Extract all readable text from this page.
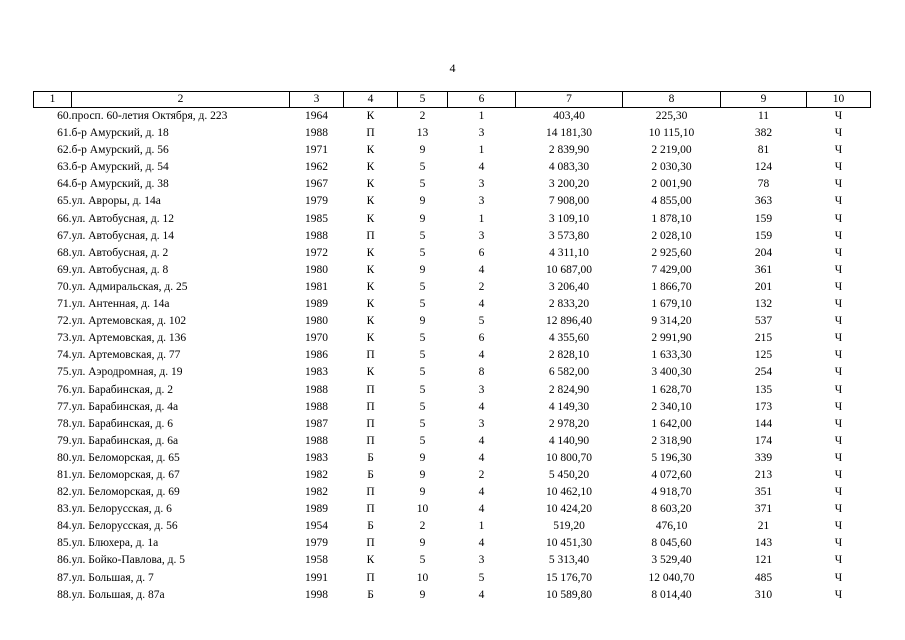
4
1	2	3	4	5	6	7	8	9	10
60.	просп. 60-летия Октября, д. 223	1964	К	2	1	403,40	225,30	11	Ч
61.	б-р Амурский, д. 18	1988	П	13	3	14 181,30	10 115,10	382	Ч
62.	б-р Амурский, д. 56	1971	К	9	1	2 839,90	2 219,00	81	Ч
63.	б-р Амурский, д. 54	1962	К	5	4	4 083,30	2 030,30	124	Ч
64.	б-р Амурский, д. 38	1967	К	5	3	3 200,20	2 001,90	78	Ч
65.	ул. Авроры, д. 14а	1979	К	9	3	7 908,00	4 855,00	363	Ч
66.	ул. Автобусная, д. 12	1985	К	9	1	3 109,10	1 878,10	159	Ч
67.	ул. Автобусная, д. 14	1988	П	5	3	3 573,80	2 028,10	159	Ч
68.	ул. Автобусная, д. 2	1972	К	5	6	4 311,10	2 925,60	204	Ч
69.	ул. Автобусная, д. 8	1980	К	9	4	10 687,00	7 429,00	361	Ч
70.	ул. Адмиральская, д. 25	1981	К	5	2	3 206,40	1 866,70	201	Ч
71.	ул. Антенная, д. 14а	1989	К	5	4	2 833,20	1 679,10	132	Ч
72.	ул. Артемовская, д. 102	1980	К	9	5	12 896,40	9 314,20	537	Ч
73.	ул. Артемовская, д. 136	1970	К	5	6	4 355,60	2 991,90	215	Ч
74.	ул. Артемовская, д. 77	1986	П	5	4	2 828,10	1 633,30	125	Ч
75.	ул. Аэродромная, д. 19	1983	К	5	8	6 582,00	3 400,30	254	Ч
76.	ул. Барабинская, д. 2	1988	П	5	3	2 824,90	1 628,70	135	Ч
77.	ул. Барабинская, д. 4а	1988	П	5	4	4 149,30	2 340,10	173	Ч
78.	ул. Барабинская, д. 6	1987	П	5	3	2 978,20	1 642,00	144	Ч
79.	ул. Барабинская, д. 6а	1988	П	5	4	4 140,90	2 318,90	174	Ч
80.	ул. Беломорская, д. 65	1983	Б	9	4	10 800,70	5 196,30	339	Ч
81.	ул. Беломорская, д. 67	1982	Б	9	2	5 450,20	4 072,60	213	Ч
82.	ул. Беломорская, д. 69	1982	П	9	4	10 462,10	4 918,70	351	Ч
83.	ул. Белорусская, д. 6	1989	П	10	4	10 424,20	8 603,20	371	Ч
84.	ул. Белорусская, д. 56	1954	Б	2	1	519,20	476,10	21	Ч
85.	ул. Блюхера, д. 1а	1979	П	9	4	10 451,30	8 045,60	143	Ч
86.	ул. Бойко-Павлова, д. 5	1958	К	5	3	5 313,40	3 529,40	121	Ч
87.	ул. Большая, д. 7	1991	П	10	5	15 176,70	12 040,70	485	Ч
88.	ул. Большая, д. 87а	1998	Б	9	4	10 589,80	8 014,40	310	Ч
